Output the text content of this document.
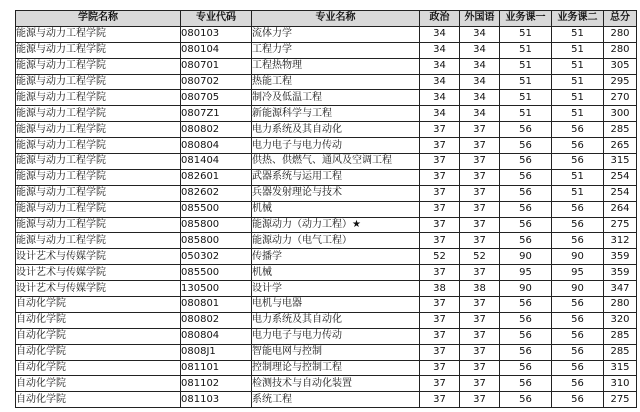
学院名称	专业代码	专业名称	政治	外国语	业务课一	业务课二	总分
能源与动力工程学院	080103	流体力学	34	34	51	51	280
能源与动力工程学院	080104	工程力学	34	34	51	51	280
能源与动力工程学院	080701	工程热物理	34	34	51	51	305
能源与动力工程学院	080702	热能工程	34	34	51	51	295
能源与动力工程学院	080705	制冷及低温工程	34	34	51	51	270
能源与动力工程学院	0807Z1	新能源科学与工程	34	34	51	51	300
能源与动力工程学院	080802	电力系统及其自动化	37	37	56	56	285
能源与动力工程学院	080804	电力电子与电力传动	37	37	56	56	265
能源与动力工程学院	081404	供热、供燃气、通风及空调工程	37	37	56	56	315
能源与动力工程学院	082601	武器系统与运用工程	37	37	56	51	254
能源与动力工程学院	082602	兵器发射理论与技术	37	37	56	51	254
能源与动力工程学院	085500	机械	37	37	56	56	264
能源与动力工程学院	085800	能源动力（动力工程）★	37	37	56	56	275
能源与动力工程学院	085800	能源动力（电气工程）	37	37	56	56	312
设计艺术与传媒学院	050302	传播学	52	52	90	90	359
设计艺术与传媒学院	085500	机械	37	37	95	95	359
设计艺术与传媒学院	130500	设计学	38	38	90	90	347
自动化学院	080801	电机与电器	37	37	56	56	280
自动化学院	080802	电力系统及其自动化	37	37	56	56	320
自动化学院	080804	电力电子与电力传动	37	37	56	56	285
自动化学院	0808J1	智能电网与控制	37	37	56	56	285
自动化学院	081101	控制理论与控制工程	37	37	56	56	315
自动化学院	081102	检测技术与自动化装置	37	37	56	56	310
自动化学院	081103	系统工程	37	37	56	56	275
